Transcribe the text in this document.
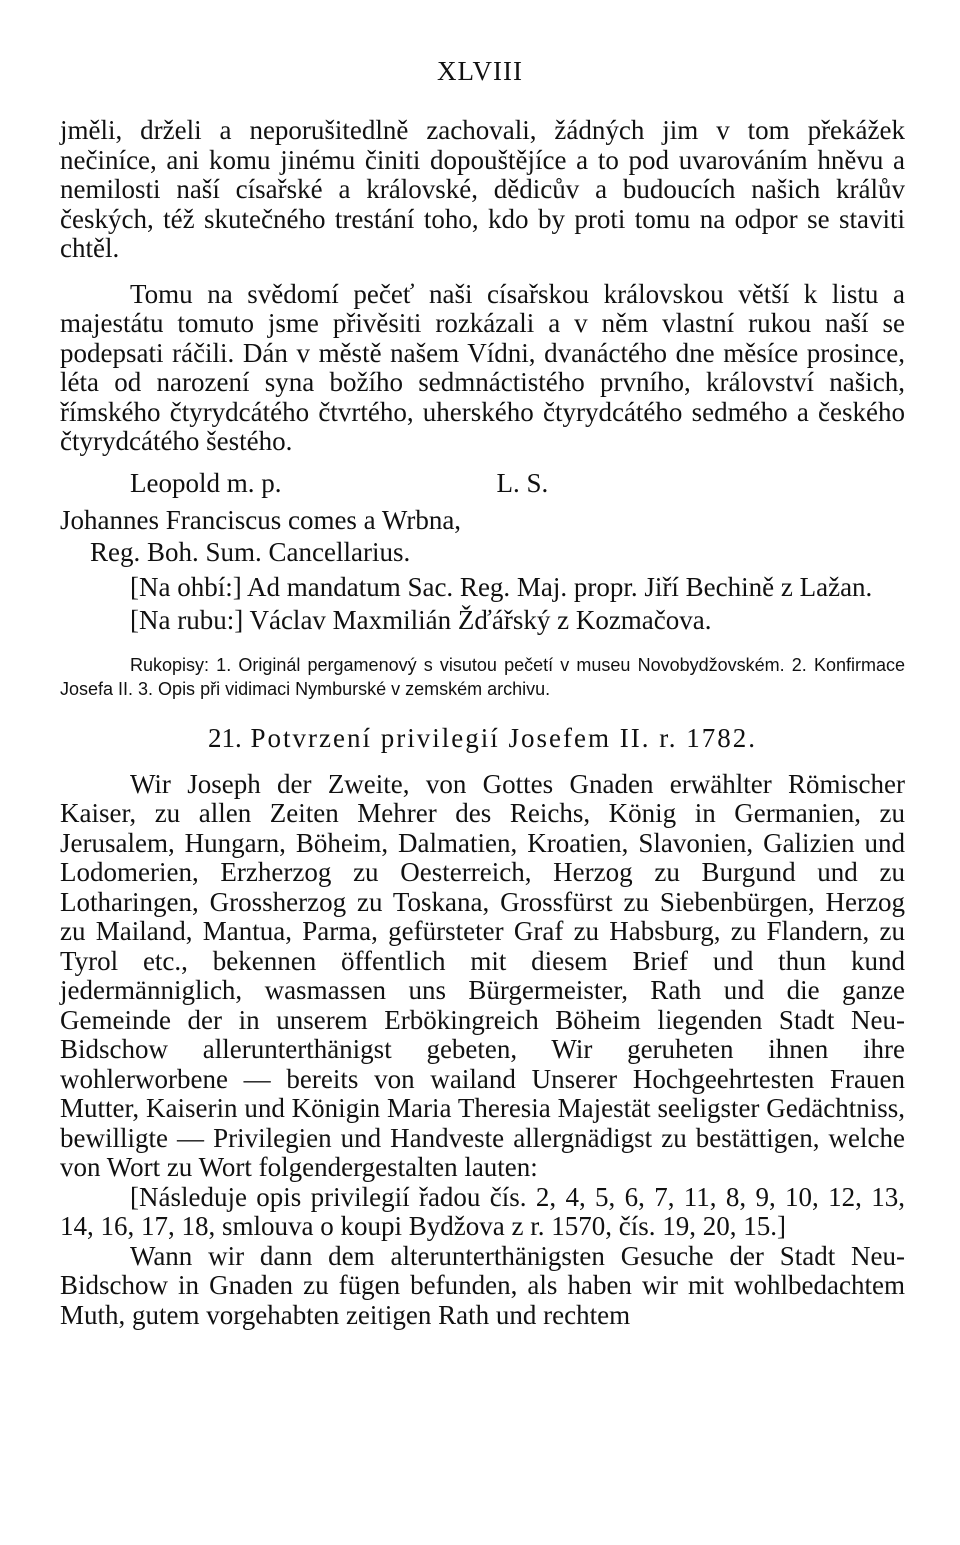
XLVIII

jměli, drželi a neporušitedlně zachovali, žádných jim v tom překážek nečiníce, ani komu jinému činiti dopouštějíce a to pod uvarováním hněvu a nemilosti naší císařské a královské, dědicův a budoucích našich králův českých, též skutečného trestání toho, kdo by proti tomu na odpor se staviti chtěl.

Tomu na svědomí pečeť naši císařskou královskou větší k listu a majestátu tomuto jsme přivěsiti rozkázali a v něm vlastní rukou naší se podepsati ráčili. Dán v městě našem Vídni, dvanáctého dne měsíce prosince, léta od narození syna božího sedmnáctistého prvního, království našich, římského čtyrydcátého čtvrtého, uherského čtyrydcátého sedmého a českého čtyrydcátého šestého.

Leopold m. p.	L. S.
Johannes Franciscus comes a Wrbna,
Reg. Boh. Sum. Cancellarius.

[Na ohbí:] Ad mandatum Sac. Reg. Maj. propr. Jiří Bechině z Lažan.

[Na rubu:] Václav Maxmilián Žďářský z Kozmačova.

Rukopisy: 1. Originál pergamenový s visutou pečetí v museu Novobydžovském. 2. Konfirmace Josefa II. 3. Opis při vidimaci Nymburské v zemském archivu.

21. Potvrzení privilegií Josefem II. r. 1782.

Wir Joseph der Zweite, von Gottes Gnaden erwählter Römischer Kaiser, zu allen Zeiten Mehrer des Reichs, König in Germanien, zu Jerusalem, Hungarn, Böheim, Dalmatien, Kroatien, Slavonien, Galizien und Lodomerien, Erzherzog zu Oesterreich, Herzog zu Burgund und zu Lotharingen, Grossherzog zu Toskana, Grossfürst zu Siebenbürgen, Herzog zu Mailand, Mantua, Parma, gefürsteter Graf zu Habsburg, zu Flandern, zu Tyrol etc., bekennen öffentlich mit diesem Brief und thun kund jedermänniglich, wasmassen uns Bürgermeister, Rath und die ganze Gemeinde der in unserem Erbökingreich Böheim liegenden Stadt Neu-Bidschow allerunterthänigst gebeten, Wir geruheten ihnen ihre wohlerworbene — bereits von wailand Unserer Hochgeehrtesten Frauen Mutter, Kaiserin und Königin Maria Theresia Majestät seeligster Gedächtniss, bewilligte — Privilegien und Handveste allergnädigst zu bestättigen, welche von Wort zu Wort folgendergestalten lauten:

[Následuje opis privilegií řadou čís. 2, 4, 5, 6, 7, 11, 8, 9, 10, 12, 13, 14, 16, 17, 18, smlouva o koupi Bydžova z r. 1570, čís. 19, 20, 15.]

Wann wir dann dem alterunterthänigsten Gesuche der Stadt Neu-Bidschow in Gnaden zu fügen befunden, als haben wir mit wohlbedachtem Muth, gutem vorgehabten zeitigen Rath und rechtem
